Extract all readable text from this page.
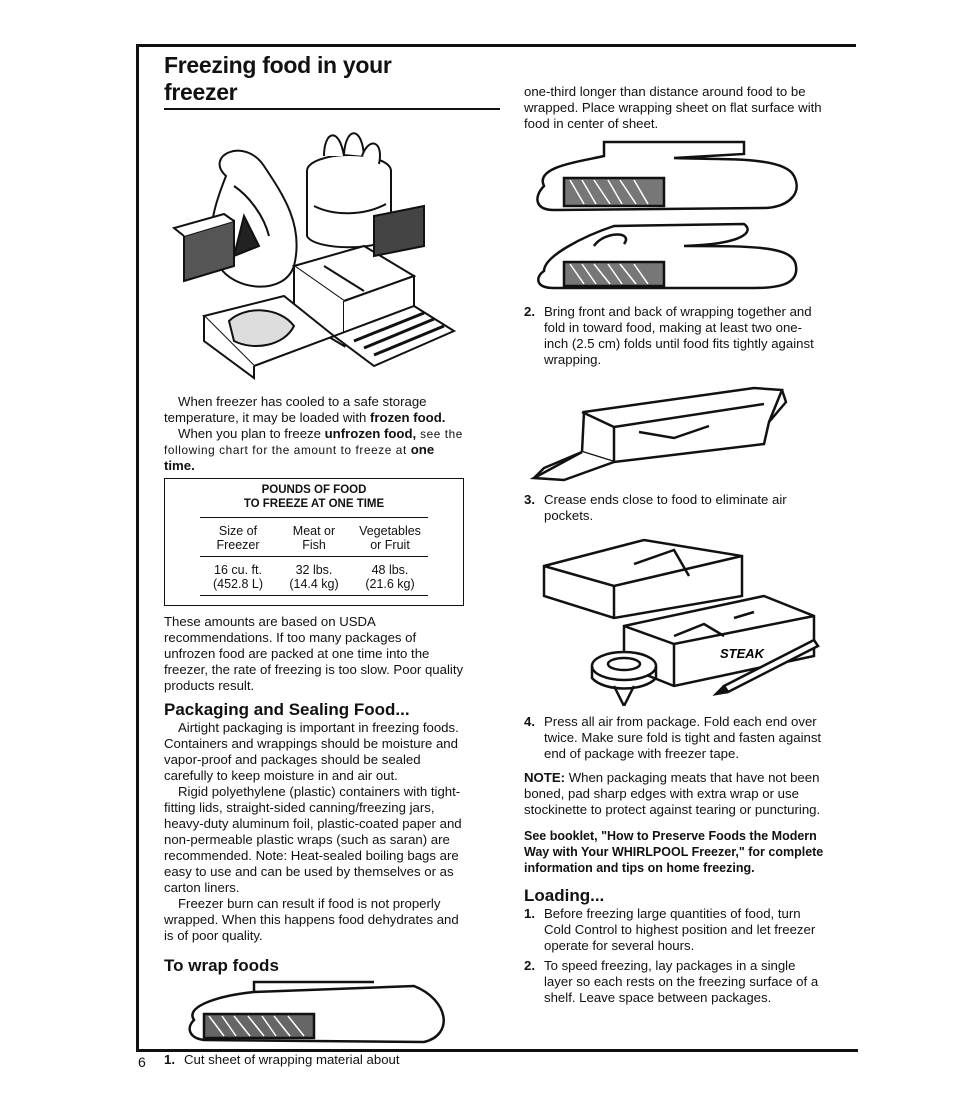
6
Freezing food in your freezer

When freezer has cooled to a safe storage temperature, it may be loaded with frozen food.

When you plan to freeze unfrozen food, see the following chart for the amount to freeze at one time.

POUNDS OF FOOD
TO FREEZE AT ONE TIME
Size of	Meat or	Vegetables
Freezer	Fish	or Fruit
16 cu. ft.	32 lbs.	48 lbs.
(452.8 L)	(14.4 kg)	(21.6 kg)

These amounts are based on USDA recommendations. If too many packages of unfrozen food are packed at one time into the freezer, the rate of freezing is too slow. Poor quality products result.

Packaging and Sealing Food...

Airtight packaging is important in freezing foods. Containers and wrappings should be moisture and vapor-proof and packages should be sealed carefully to keep moisture in and air out.

Rigid polyethylene (plastic) containers with tight-fitting lids, straight-sided canning/freezing jars, heavy-duty aluminum foil, plastic-coated paper and non-permeable plastic wraps (such as saran) are recommended. Note: Heat-sealed boiling bags are easy to use and can be used by themselves or as carton liners.

Freezer burn can result if food is not properly wrapped. When this happens food dehydrates and is of poor quality.

To wrap foods
1. Cut sheet of wrapping material about

one-third longer than distance around food to be wrapped. Place wrapping sheet on flat surface with food in center of sheet.

2. Bring front and back of wrapping together and fold in toward food, making at least two one-inch (2.5 cm) folds until food fits tightly against wrapping.
3. Crease ends close to food to eliminate air pockets.
STEAK
4. Press all air from package. Fold each end over twice. Make sure fold is tight and fasten against end of package with freezer tape.

NOTE: When packaging meats that have not been boned, pad sharp edges with extra wrap or use stockinette to protect against tearing or puncturing.

See booklet, "How to Preserve Foods the Modern Way with Your WHIRLPOOL Freezer," for complete information and tips on home freezing.

Loading...
1. Before freezing large quantities of food, turn Cold Control to highest position and let freezer operate for several hours.
2. To speed freezing, lay packages in a single layer so each rests on the freezing surface of a shelf. Leave space between packages.
